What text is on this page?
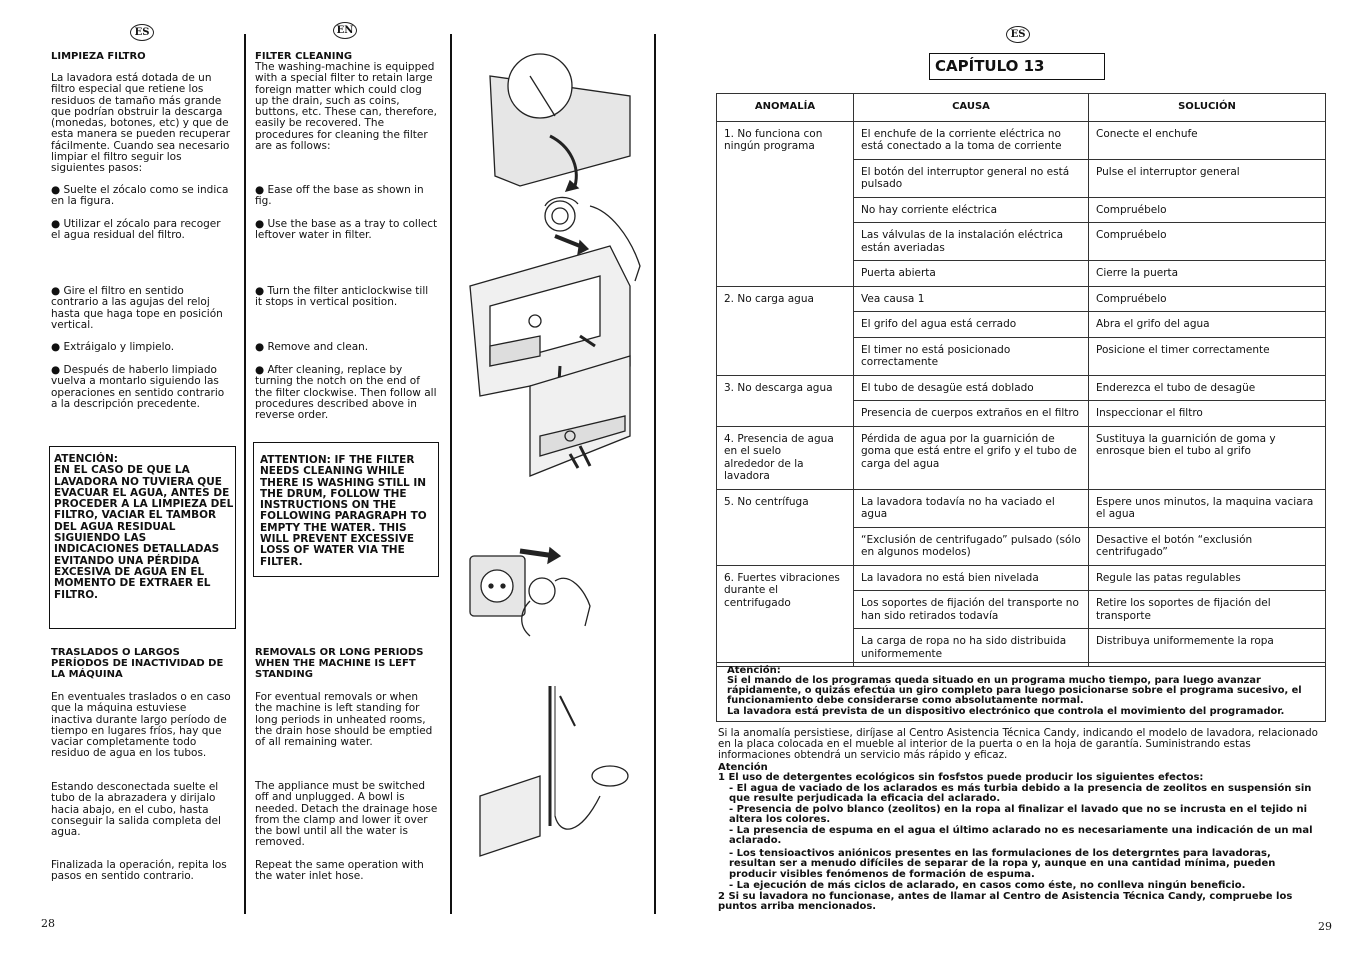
ES	EN	ES
LIMPIEZA FILTRO
La lavadora está dotada de un filtro especial que retiene los residuos de tamaño más grande que podrían obstruir la descarga (monedas, botones, etc) y que de esta manera se pueden recuperar fácilmente. Cuando sea necesario limpiar el filtro seguir los siguientes pasos:
● Suelte el zócalo como se indica en la figura.
● Utilizar el zócalo para recoger el agua residual del filtro.
● Gire el filtro en sentido contrario a las agujas del reloj hasta que haga tope en posición vertical.
● Extráigalo y limpielo.
● Después de haberlo limpiado vuelva a montarlo siguiendo las operaciones en sentido contrario a la descripción precedente.
ATENCIÓN:
EN EL CASO DE QUE LA LAVADORA NO TUVIERA QUE EVACUAR EL AGUA, ANTES DE PROCEDER A LA LIMPIEZA DEL FILTRO, VACIAR EL TAMBOR DEL AGUA RESIDUAL SIGUIENDO LAS INDICACIONES DETALLADAS EVITANDO UNA PÉRDIDA EXCESIVA DE AGUA EN EL MOMENTO DE EXTRAER EL FILTRO.
TRASLADOS O LARGOS PERÍODOS DE INACTIVIDAD DE LA MÁQUINA
En eventuales traslados o en caso que la máquina estuviese inactiva durante largo período de tiempo en lugares fríos, hay que vaciar completamente todo residuo de agua en los tubos.
Estando desconectada suelte el tubo de la abrazadera y dirijalo hacia abajo, en el cubo, hasta conseguir la salida completa del agua.
Finalizada la operación, repita los pasos en sentido contrario.
28
FILTER CLEANING
The washing-machine is equipped with a special filter to retain large foreign matter which could clog up the drain, such as coins, buttons, etc. These can, therefore, easily be recovered. The procedures for cleaning the filter are as follows:
● Ease off the base as shown in fig.
● Use the base as a tray to collect leftover water in filter.
● Turn the filter anticlockwise till it stops in vertical position.
● Remove and clean.
● After cleaning, replace by turning the notch on the end of the filter clockwise. Then follow all procedures described above in reverse order.
ATTENTION: IF THE FILTER NEEDS CLEANING WHILE THERE IS WASHING STILL IN THE DRUM, FOLLOW THE INSTRUCTIONS ON THE FOLLOWING PARAGRAPH TO EMPTY THE WATER. THIS WILL PREVENT EXCESSIVE LOSS OF WATER VIA THE FILTER.
REMOVALS OR LONG PERIODS WHEN THE MACHINE IS LEFT STANDING
For eventual removals or when the machine is left standing for long periods in unheated rooms, the drain hose should be emptied of all remaining water.
The appliance must be switched off and unplugged. A bowl is needed. Detach the drainage hose from the clamp and lower it over the bowl until all the water is removed.
Repeat the same operation with the water inlet hose.
CAPÍTULO 13
ANOMALÍA	CAUSA	SOLUCIÓN
1. No funciona con
ningún programa	El enchufe de la corriente eléctrica no está conectado a la toma de corriente	Conecte el enchufe
	El botón del interruptor general no está pulsado	Pulse el interruptor general
	No hay corriente eléctrica	Compruébelo
	Las válvulas de la instalación eléctrica están averiadas	Compruébelo
	Puerta abierta	Cierre la puerta
2. No carga agua	Vea causa 1	Compruébelo
	El grifo del agua está cerrado	Abra el grifo del agua
	El timer no está posicionado correctamente	Posicione el timer correctamente
3. No descarga agua	El tubo de desagüe está doblado	Enderezca el tubo de desagüe
	Presencia de cuerpos extraños en el filtro	Inspeccionar el filtro
4. Presencia de agua
en el suelo
alrededor de la
lavadora	Pérdida de agua por la guarnición de goma que está entre el grifo y el tubo de carga del agua	Sustituya la guarnición de goma y enrosque bien el tubo al grifo
5. No centrífuga	La lavadora todavía no ha vaciado el agua	Espere unos minutos, la maquina vaciara el agua
	“Exclusión de centrifugado” pulsado (sólo en algunos modelos)	Desactive el botón “exclusión centrifugado”
6. Fuertes vibraciones
durante el
centrifugado	La lavadora no está bien nivelada	Regule las patas regulables
	Los soportes de fijación del transporte no han sido retirados todavía	Retire los soportes de fijación del transporte
	La carga de ropa no ha sido distribuida uniformemente	Distribuya uniformemente la ropa
Atención:
Si el mando de los programas queda situado en un programa mucho tiempo, para luego avanzar rápidamente, o quizás efectúa un giro completo para luego posicionarse sobre el programa sucesivo, el funcionamiento debe considerarse como absolutamente normal.
La lavadora está prevista de un dispositivo electrónico que controla el movimiento del programador.
Si la anomalía persistiese, diríjase al Centro Asistencia Técnica Candy, indicando el modelo de lavadora, relacionado en la placa colocada en el mueble al interior de la puerta o en la hoja de garantía. Suministrando estas informaciones obtendrá un servicio más rápido y eficaz.
Atención
1 El uso de detergentes ecológicos sin fosfstos puede producir los siguientes efectos:
- El agua de vaciado de los aclarados es más turbia debido a la presencia de zeolitos en suspensión sin que resulte perjudicada la eficacia del aclarado.
- Presencia de polvo blanco (zeolitos) en la ropa al finalizar el lavado que no se incrusta en el tejido ni altera los colores.
- La presencia de espuma en el agua el último aclarado no es necesariamente una indicación de un mal aclarado.
- Los tensioactivos aniónicos presentes en las formulaciones de los detergrntes para lavadoras, resultan ser a menudo difíciles de separar de la ropa y, aunque en una cantidad mínima, pueden producir visibles fenómenos de formación de espuma.
- La ejecución de más ciclos de aclarado, en casos como éste, no conlleva ningún beneficio.
2 Si su lavadora no funcionase, antes de llamar al Centro de Asistencia Técnica Candy, compruebe los puntos arriba mencionados.
29
